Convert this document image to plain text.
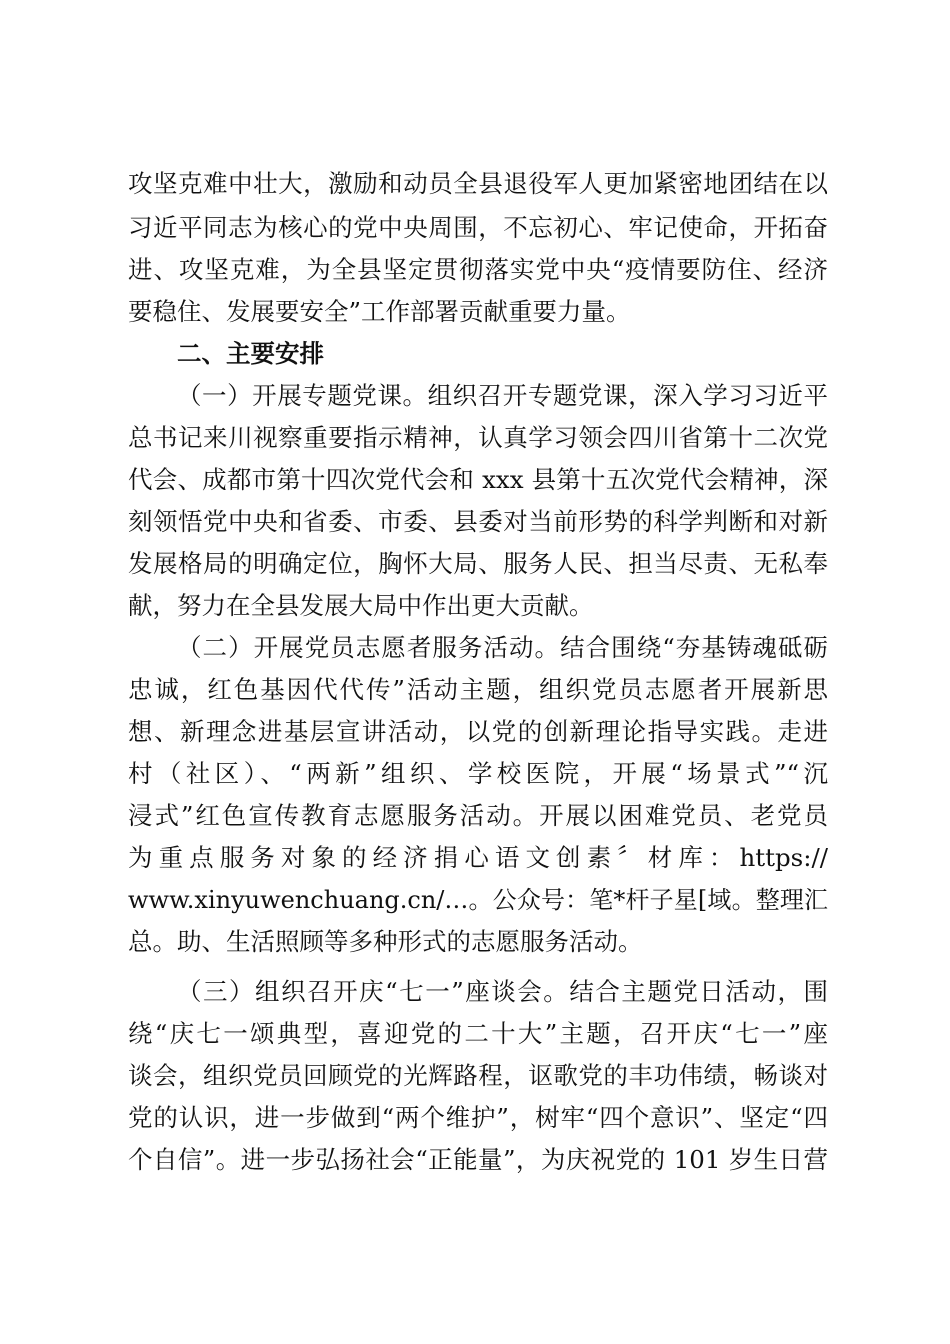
攻坚克难中壮大，激励和动员全县退役军人更加紧密地团结在以
习近平同志为核心的党中央周围，不忘初心、牢记使命，开拓奋
进、攻坚克难，为全县坚定贯彻落实党中央“疫情要防住、经济
要稳住、发展要安全”工作部署贡献重要力量。
二、主要安排
（一）开展专题党课。组织召开专题党课，深入学习习近平
总书记来川视察重要指示精神，认真学习领会四川省第十二次党
代会、成都市第十四次党代会和 xxx 县第十五次党代会精神，深
刻领悟党中央和省委、市委、县委对当前形势的科学判断和对新
发展格局的明确定位，胸怀大局、服务人民、担当尽责、无私奉
献，努力在全县发展大局中作出更大贡献。
（二）开展党员志愿者服务活动。结合围绕“夯基铸魂砥砺
忠诚，红色基因代代传”活动主题，组织党员志愿者开展新思
想、新理念进基层宣讲活动，以党的创新理论指导实践。走进
村（社区）、“两新”组织、学校医院，开展“场景式”“沉
浸式”红色宣传教育志愿服务活动。开展以困难党员、老党员
为重点服务对象的经济捐心语文创素〞材库：https://
www.xinyuwenchuang.cn/…。公众号：笔*杆子星[域。整理汇
总。助、生活照顾等多种形式的志愿服务活动。
（三）组织召开庆“七一”座谈会。结合主题党日活动，围
绕“庆七一颂典型，喜迎党的二十大”主题，召开庆“七一”座
谈会，组织党员回顾党的光辉路程，讴歌党的丰功伟绩，畅谈对
党的认识，进一步做到“两个维护”，树牢“四个意识”、坚定“四
个自信”。进一步弘扬社会“正能量”，为庆祝党的 101 岁生日营
